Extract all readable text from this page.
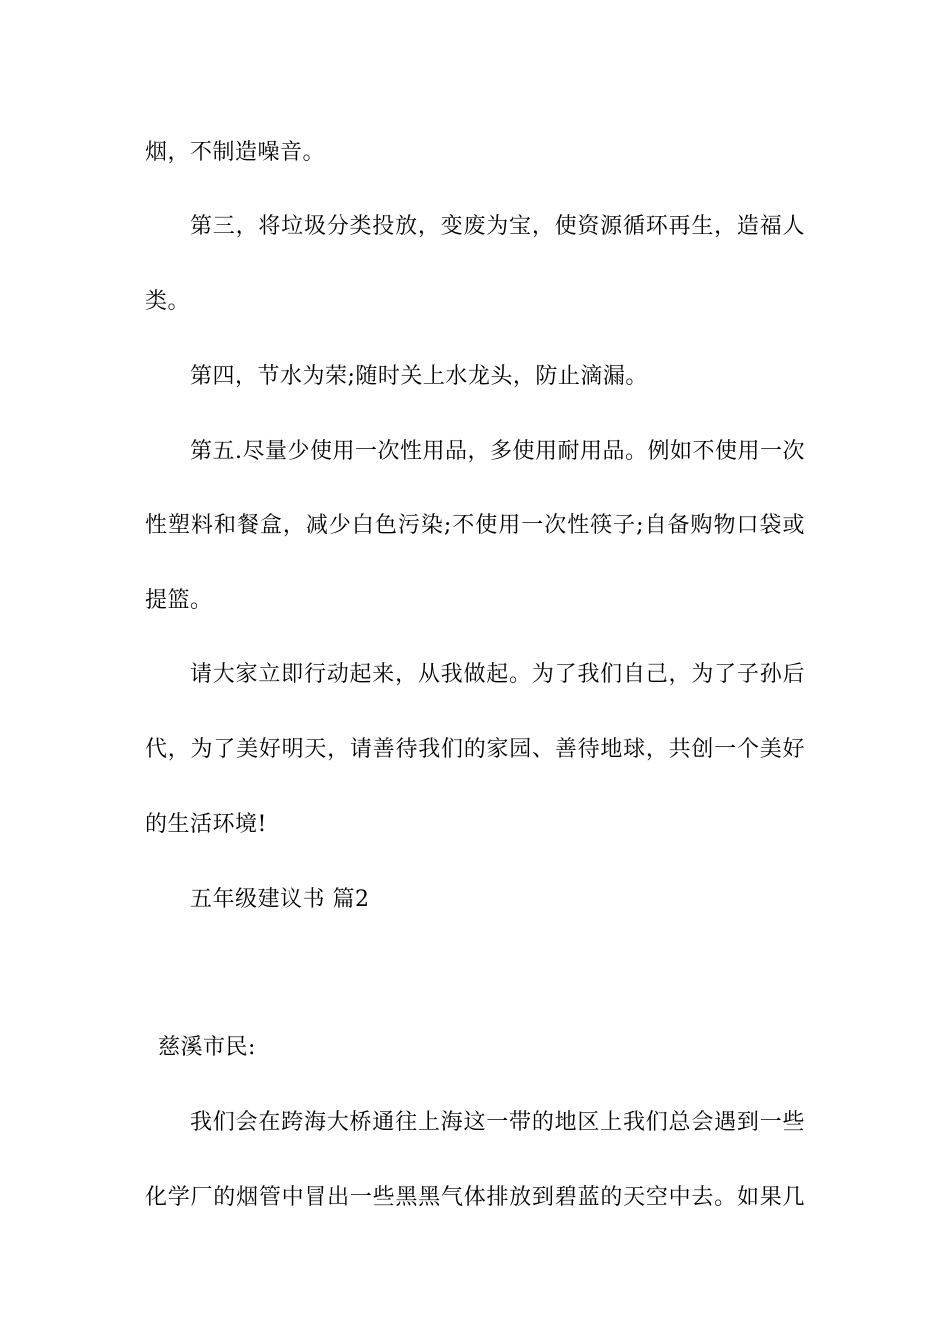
烟，不制造噪音。
第三，将垃圾分类投放，变废为宝，使资源循环再生，造福人
类。
第四，节水为荣;随时关上水龙头，防止滴漏。
第五.尽量少使用一次性用品，多使用耐用品。例如不使用一次
性塑料和餐盒，减少白色污染;不使用一次性筷子;自备购物口袋或
提篮。
请大家立即行动起来，从我做起。为了我们自己，为了子孙后
代，为了美好明天，请善待我们的家园、善待地球，共创一个美好
的生活环境!
五年级建议书 篇2
慈溪市民:
我们会在跨海大桥通往上海这一带的地区上我们总会遇到一些
化学厂的烟管中冒出一些黑黑气体排放到碧蓝的天空中去。如果几
